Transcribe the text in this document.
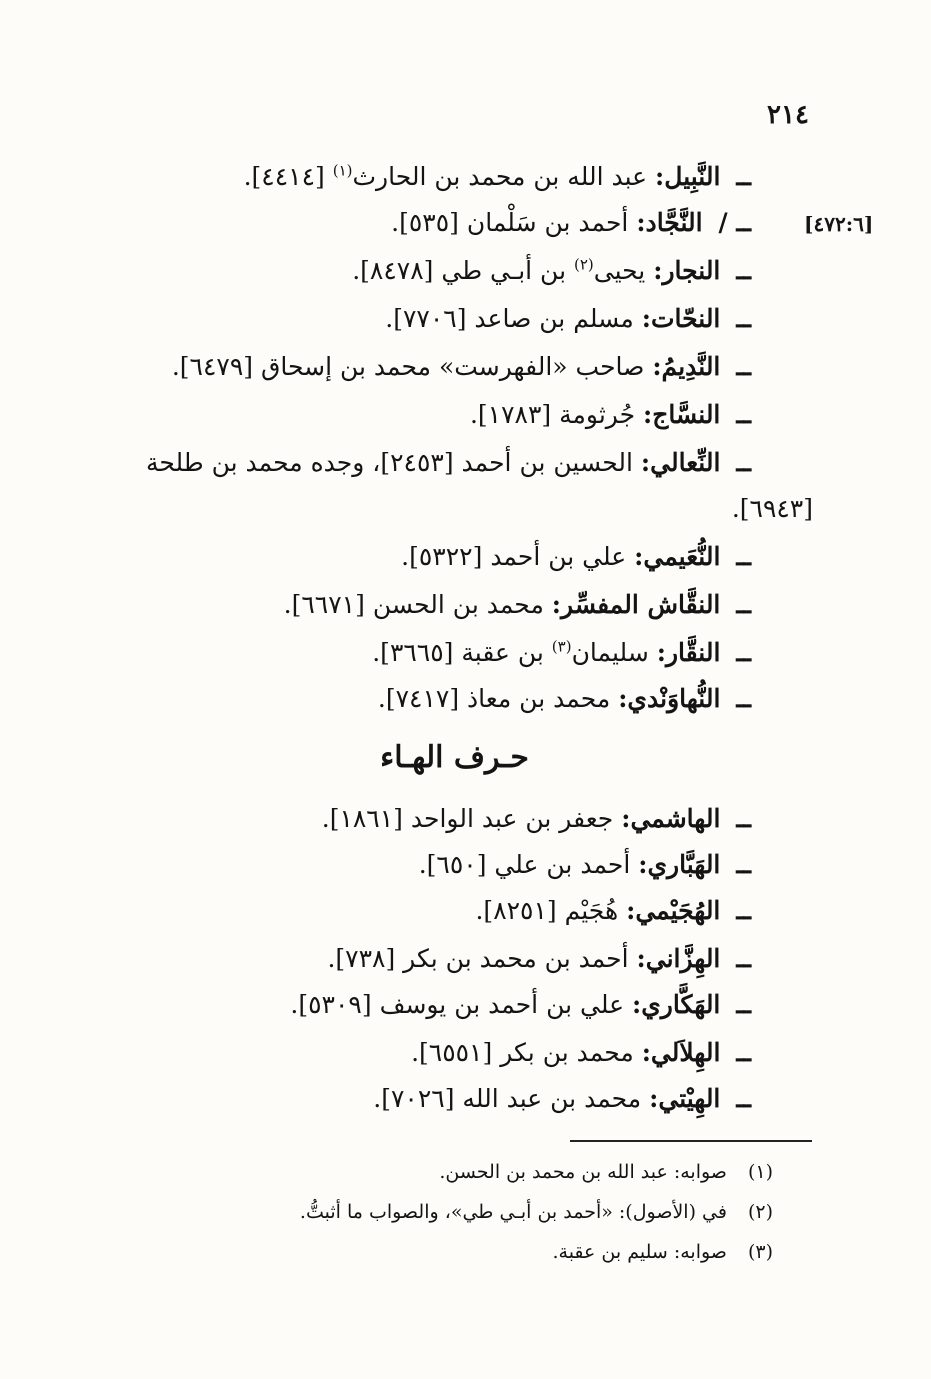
٢١٤
ــ النَّبِيل: عبد الله بن محمد بن الحارث$^{(١)}$ [٤٤١٤].
[٤٧٢:٦]
ــ / النَّجَّاد: أحمد بن سَلْمان [٥٣٥].
ــ النجار: يحيى$^{(٢)}$ بن أبـي طي [٨٤٧٨].
ــ النحّات: مسلم بن صاعد [٧٧٠٦].
ــ النَّدِيمُ: صاحب «الفهرست» محمد بن إسحاق [٦٤٧٩].
ــ النسَّاج: جُرثومة [١٧٨٣].
ــ النِّعالي: الحسين بن أحمد [٢٤٥٣]، وجده محمد بن طلحة
[٦٩٤٣].
ــ النُّعَيمي: علي بن أحمد [٥٣٢٢].
ــ النقَّاش المفسِّر: محمد بن الحسن [٦٦٧١].
ــ النقَّار: سليمان$^{(٣)}$ بن عقبة [٣٦٦٥].
ــ النُّهاوَنْدي: محمد بن معاذ [٧٤١٧].
حـرف الهـاء
ــ الهاشمي: جعفر بن عبد الواحد [١٨٦١].
ــ الهَبَّاري: أحمد بن علي [٦٥٠].
ــ الهُجَيْمي: هُجَيْم [٨٢٥١].
ــ الهِزَّاني: أحمد بن محمد بن بكر [٧٣٨].
ــ الهَكَّاري: علي بن أحمد بن يوسف [٥٣٠٩].
ــ الهِلاَلي: محمد بن بكر [٦٥٥١].
ــ الهِيْتي: محمد بن عبد الله [٧٠٢٦].
(١) صوابه: عبد الله بن محمد بن الحسن.
(٢) في (الأصول): «أحمد بن أبـي طي»، والصواب ما أثبتُّ.
(٣) صوابه: سليم بن عقبة.
